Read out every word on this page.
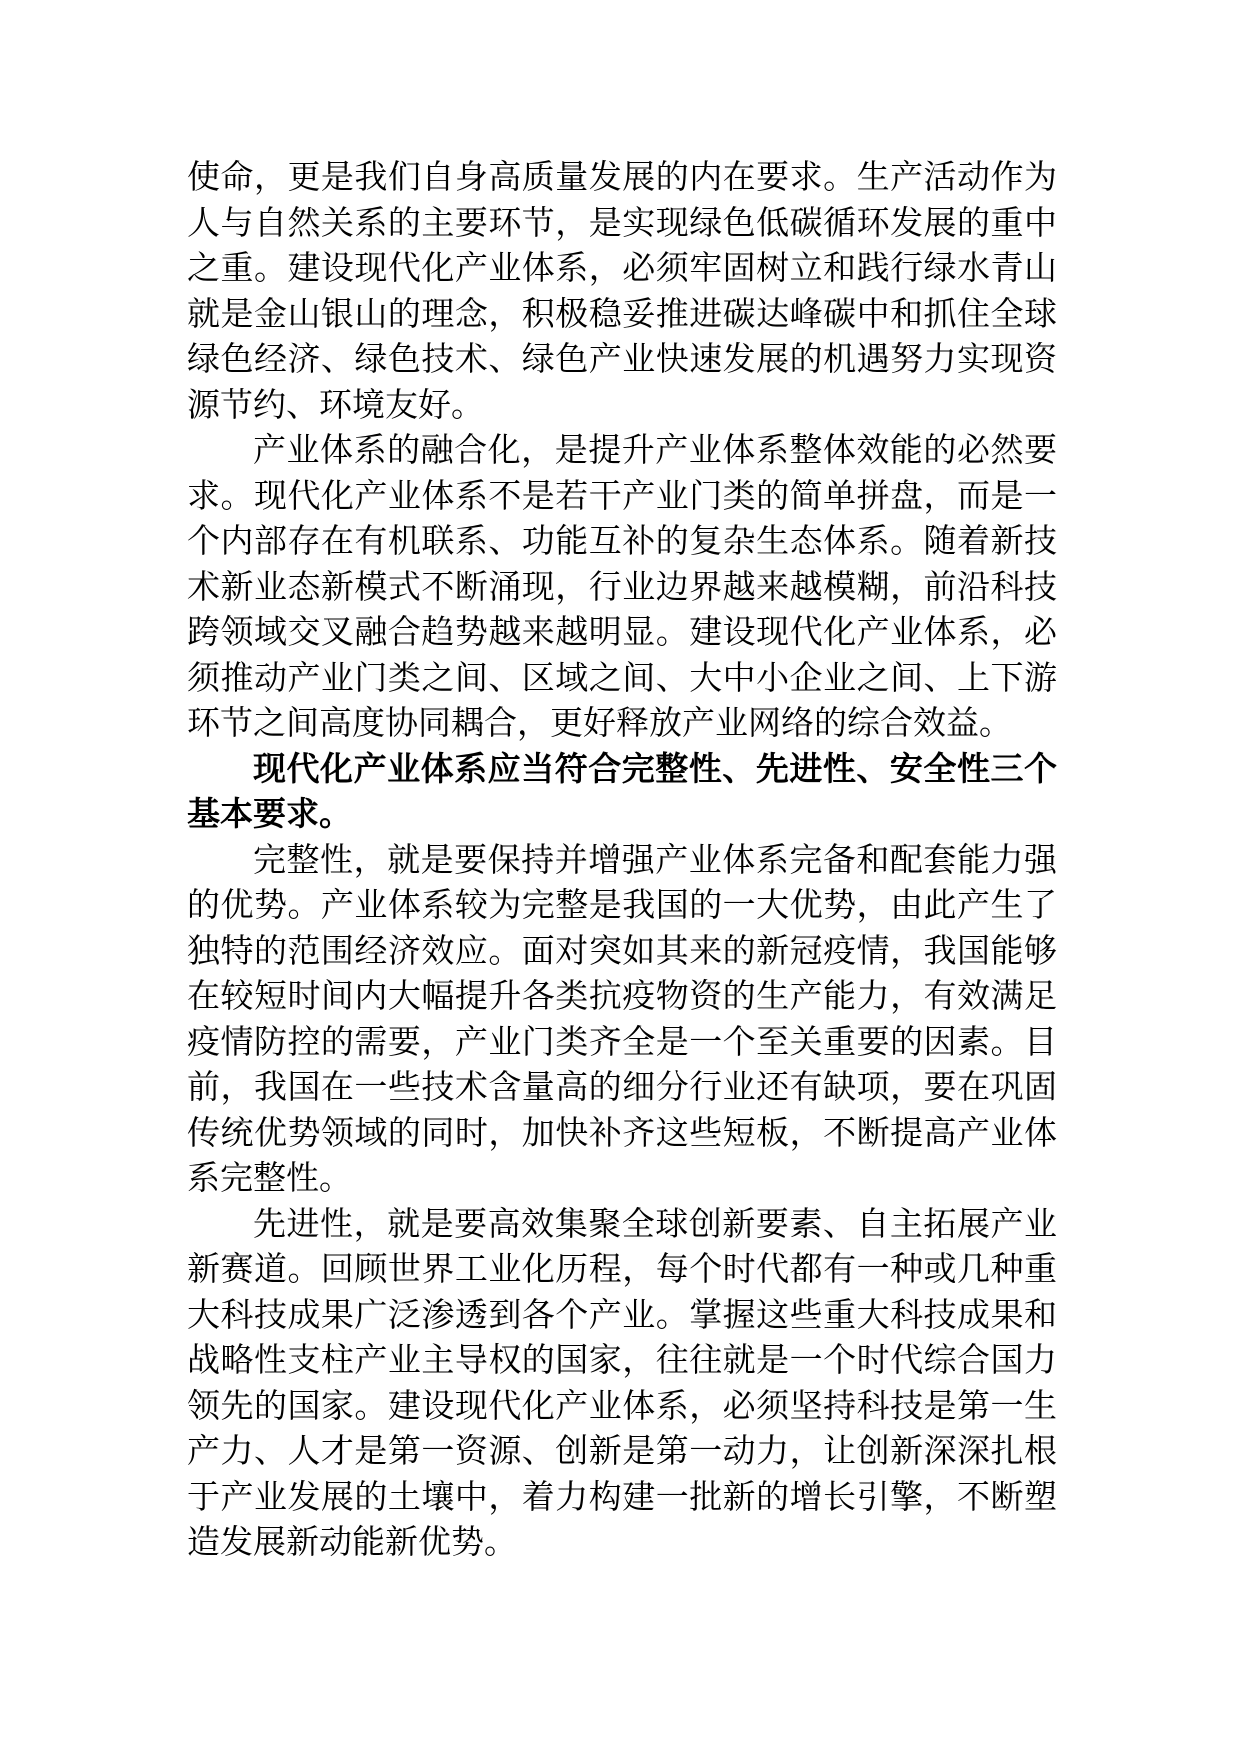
使命，更是我们自身高质量发展的内在要求。生产活动作为人与自然关系的主要环节，是实现绿色低碳循环发展的重中之重。建设现代化产业体系，必须牢固树立和践行绿水青山就是金山银山的理念，积极稳妥推进碳达峰碳中和抓住全球绿色经济、绿色技术、绿色产业快速发展的机遇努力实现资源节约、环境友好。

产业体系的融合化，是提升产业体系整体效能的必然要求。现代化产业体系不是若干产业门类的简单拼盘，而是一个内部存在有机联系、功能互补的复杂生态体系。随着新技术新业态新模式不断涌现，行业边界越来越模糊，前沿科技跨领域交叉融合趋势越来越明显。建设现代化产业体系，必须推动产业门类之间、区域之间、大中小企业之间、上下游环节之间高度协同耦合，更好释放产业网络的综合效益。

现代化产业体系应当符合完整性、先进性、安全性三个基本要求。

完整性，就是要保持并增强产业体系完备和配套能力强的优势。产业体系较为完整是我国的一大优势，由此产生了独特的范围经济效应。面对突如其来的新冠疫情，我国能够在较短时间内大幅提升各类抗疫物资的生产能力，有效满足疫情防控的需要，产业门类齐全是一个至关重要的因素。目前，我国在一些技术含量高的细分行业还有缺项，要在巩固传统优势领域的同时，加快补齐这些短板，不断提高产业体系完整性。

先进性，就是要高效集聚全球创新要素、自主拓展产业新赛道。回顾世界工业化历程，每个时代都有一种或几种重大科技成果广泛渗透到各个产业。掌握这些重大科技成果和战略性支柱产业主导权的国家，往往就是一个时代综合国力领先的国家。建设现代化产业体系，必须坚持科技是第一生产力、人才是第一资源、创新是第一动力，让创新深深扎根于产业发展的土壤中，着力构建一批新的增长引擎，不断塑造发展新动能新优势。
